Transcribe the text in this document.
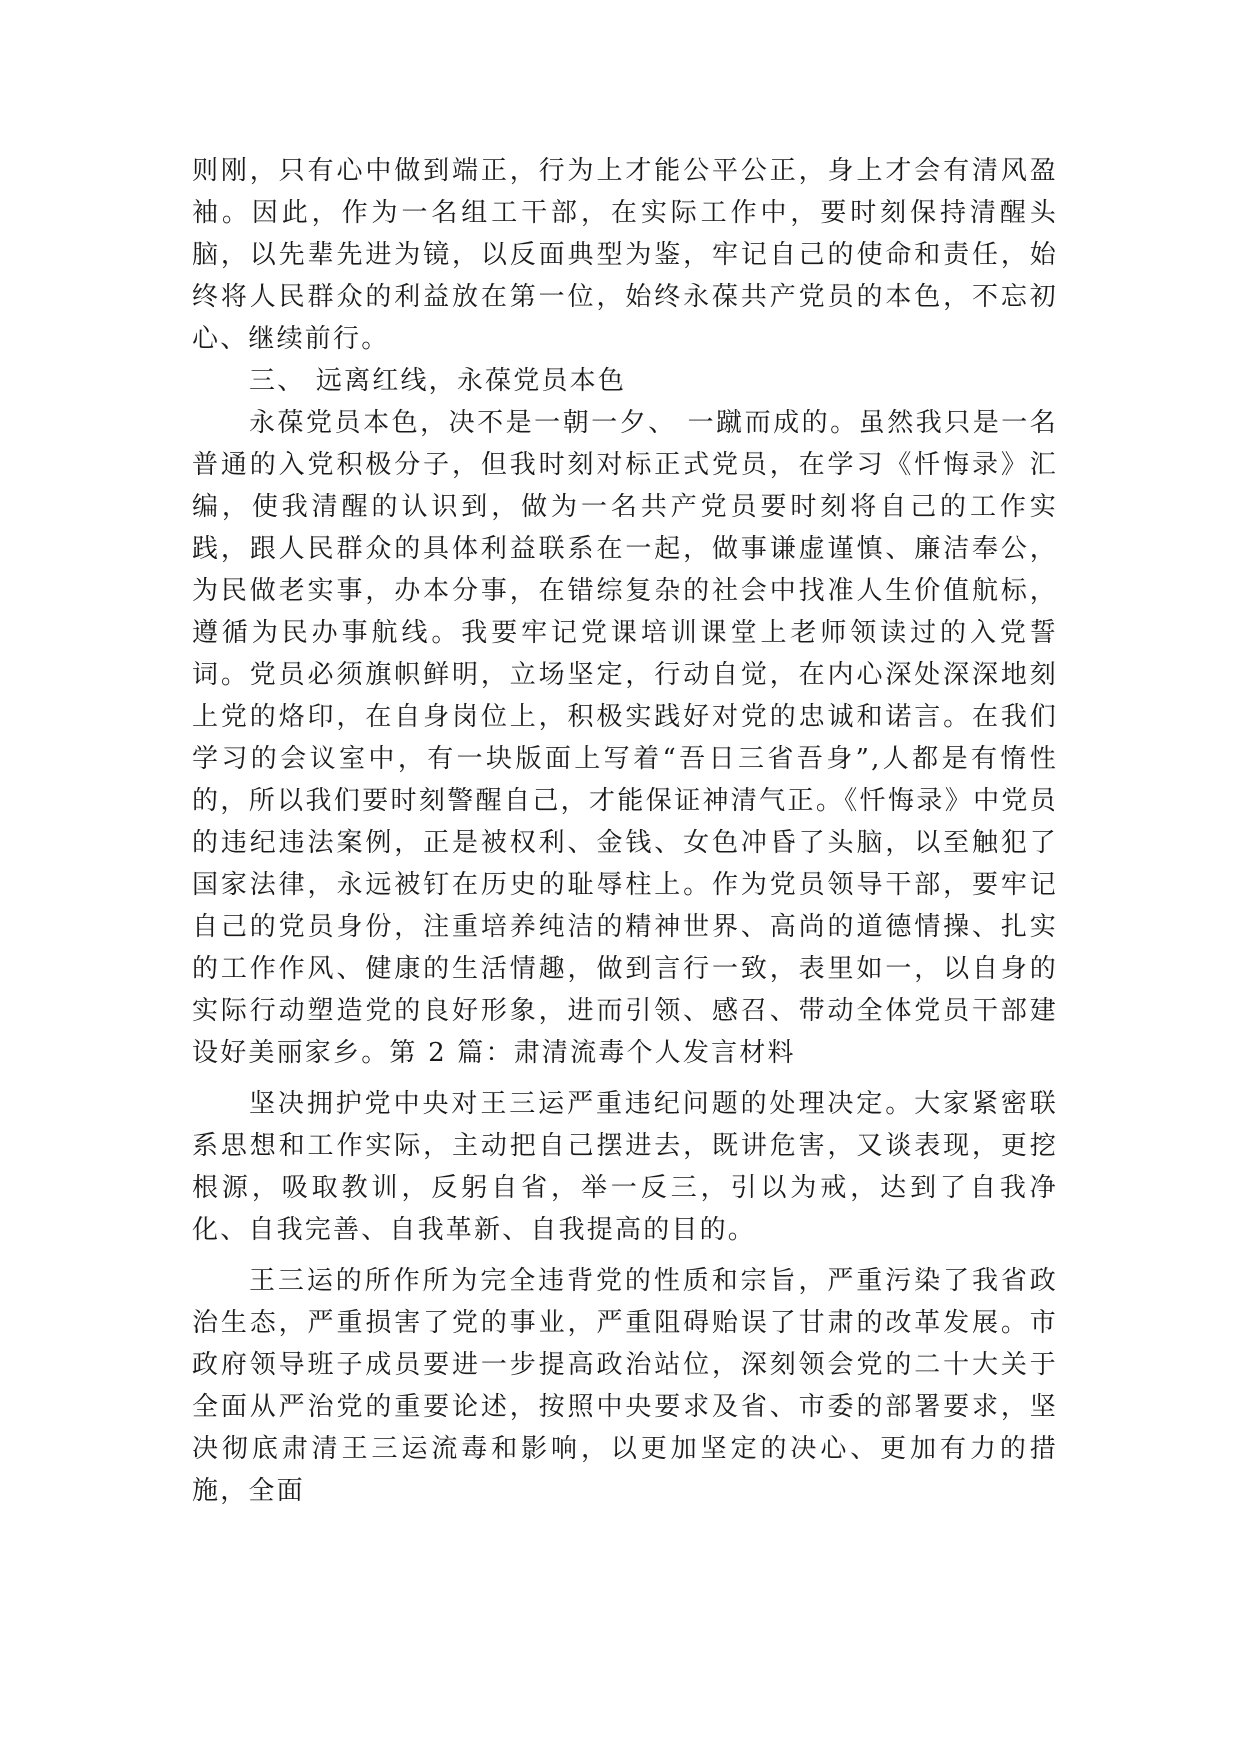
则刚，只有心中做到端正，行为上才能公平公正，身上才会有清风盈袖。因此，作为一名组工干部，在实际工作中，要时刻保持清醒头脑，以先辈先进为镜，以反面典型为鉴，牢记自己的使命和责任，始终将人民群众的利益放在第一位，始终永葆共产党员的本色，不忘初心、继续前行。

三、 远离红线，永葆党员本色

永葆党员本色，决不是一朝一夕、 一蹴而成的。虽然我只是一名普通的入党积极分子，但我时刻对标正式党员，在学习《忏悔录》汇编，使我清醒的认识到，做为一名共产党员要时刻将自己的工作实践，跟人民群众的具体利益联系在一起，做事谦虚谨慎、廉洁奉公，为民做老实事，办本分事，在错综复杂的社会中找准人生价值航标，遵循为民办事航线。我要牢记党课培训课堂上老师领读过的入党誓词。党员必须旗帜鲜明，立场坚定，行动自觉，在内心深处深深地刻上党的烙印，在自身岗位上，积极实践好对党的忠诚和诺言。在我们学习的会议室中，有一块版面上写着“吾日三省吾身”,人都是有惰性的，所以我们要时刻警醒自己，才能保证神清气正。《忏悔录》中党员的违纪违法案例，正是被权利、金钱、女色冲昏了头脑，以至触犯了国家法律，永远被钉在历史的耻辱柱上。作为党员领导干部，要牢记自己的党员身份，注重培养纯洁的精神世界、高尚的道德情操、扎实的工作作风、健康的生活情趣，做到言行一致，表里如一，以自身的实际行动塑造党的良好形象，进而引领、感召、带动全体党员干部建设好美丽家乡。第 2 篇：肃清流毒个人发言材料

坚决拥护党中央对王三运严重违纪问题的处理决定。大家紧密联系思想和工作实际，主动把自己摆进去，既讲危害，又谈表现，更挖根源，吸取教训，反躬自省，举一反三，引以为戒，达到了自我净化、自我完善、自我革新、自我提高的目的。

王三运的所作所为完全违背党的性质和宗旨，严重污染了我省政治生态，严重损害了党的事业，严重阻碍贻误了甘肃的改革发展。市政府领导班子成员要进一步提高政治站位，深刻领会党的二十大关于全面从严治党的重要论述，按照中央要求及省、市委的部署要求，坚决彻底肃清王三运流毒和影响，以更加坚定的决心、更加有力的措施，全面
